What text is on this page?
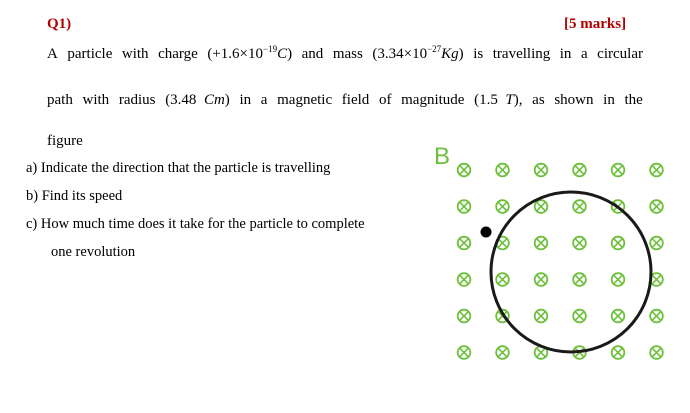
Q1)	[5 marks]
A particle with charge $(+1.6\times 10^{-19}C)$ and mass $(3.34\times 10^{-27}Kg)$ is travelling in a circular
path with radius (3.48 Cm) in a magnetic field of magnitude (1.5 T), as shown in the
figure
a) Indicate the direction that the particle is travelling
b) Find its speed
c) How much time does it take for the particle to complete
one revolution
B
